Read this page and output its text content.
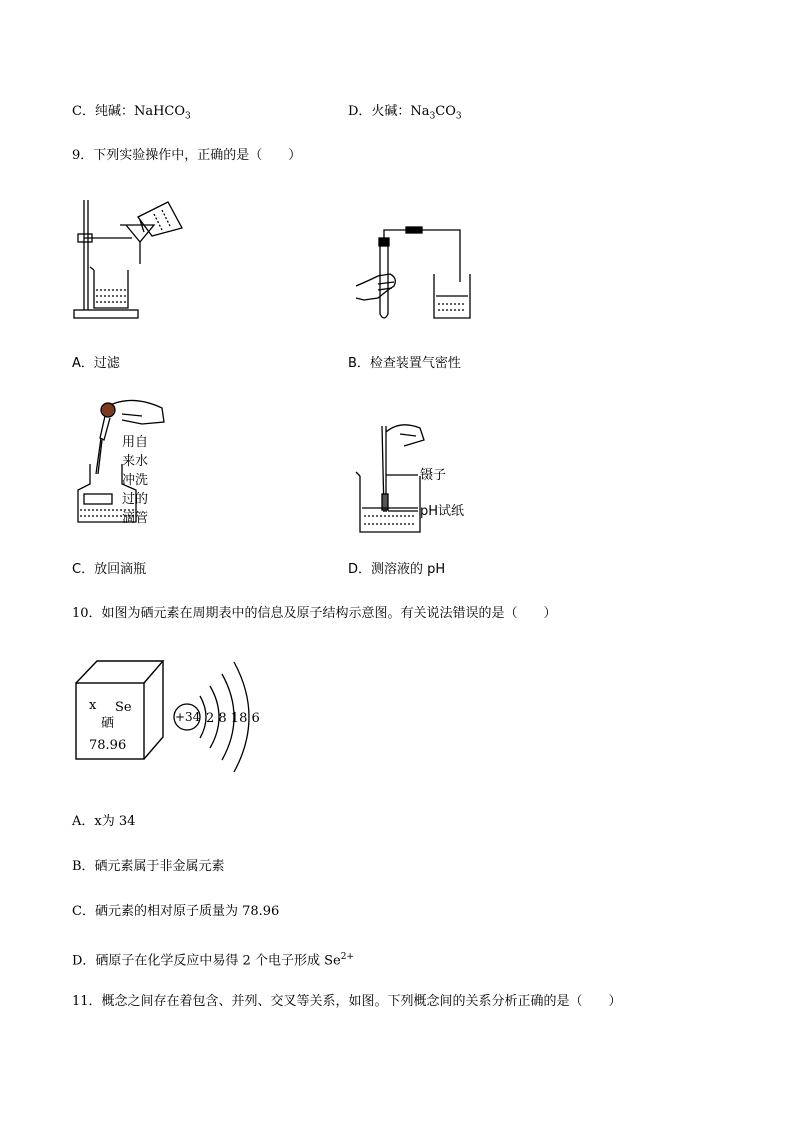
C．纯碱：NaHCO$_3$	D．火碱：$Na_3CO_3$
9．下列实验操作中，正确的是（　　）
A．过滤	B．检查装置气密性
用自
来水
冲洗
过的
滴管
镊子
pH试纸
C．放回滴瓶	D．测溶液的 pH
10．如图为硒元素在周期表中的信息及原子结构示意图。有关说法错误的是（　　）
x Se
硒
78.96
+34 2 8 18 6
A．x为 34
B．硒元素属于非金属元素
C．硒元素的相对原子质量为 78.96
D．硒原子在化学反应中易得 2 个电子形成 $Se^{2+}$
11．概念之间存在着包含、并列、交叉等关系，如图。下列概念间的关系分析正确的是（　　）
